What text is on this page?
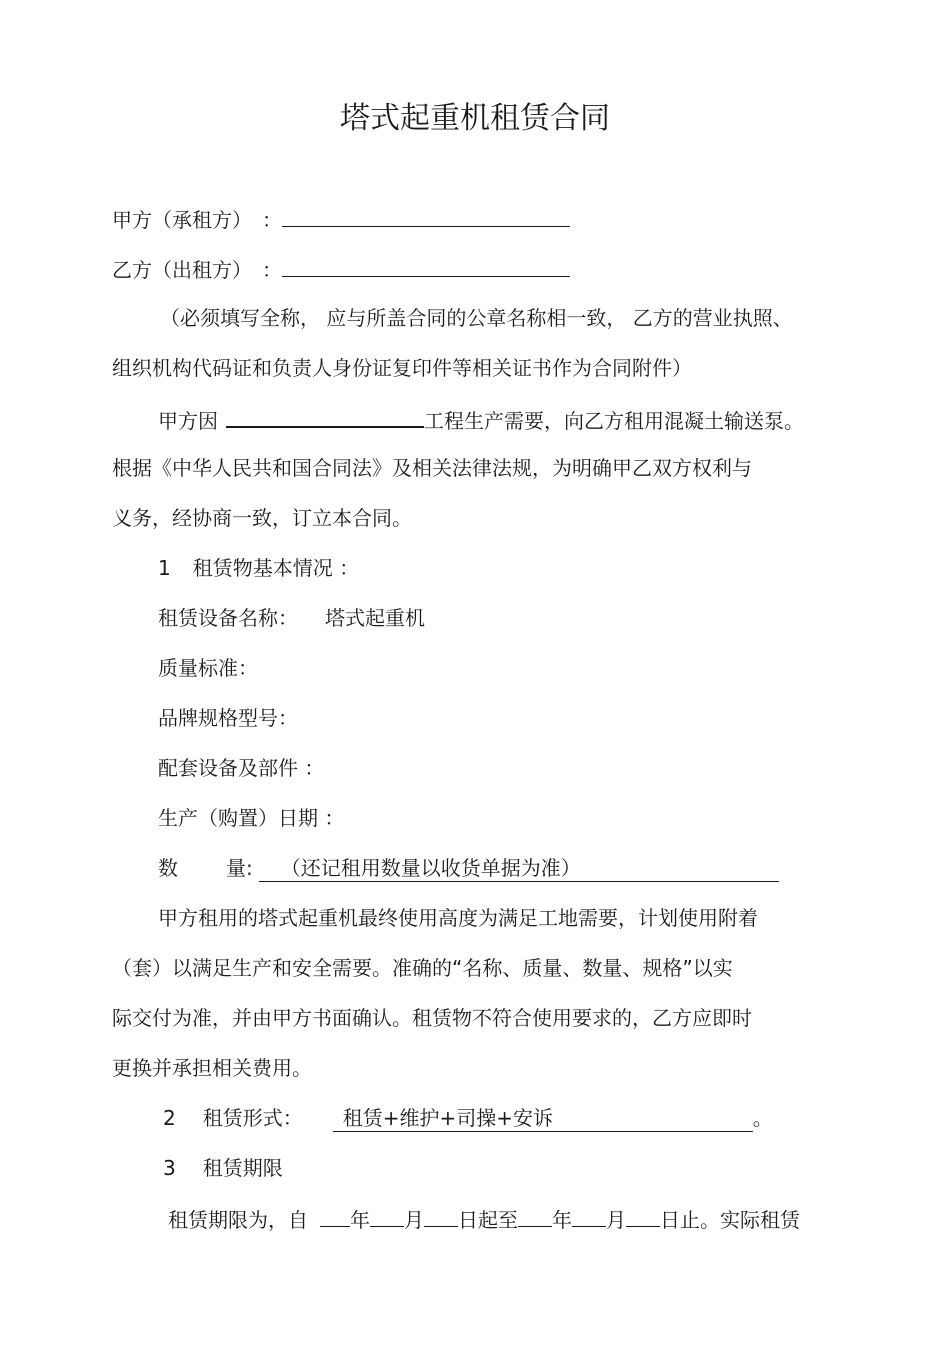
塔式起重机租赁合同
甲方（承租方）　：
乙方（出租方）　：
（必须填写全称， 应与所盖合同的公章名称相一致， 乙方的营业执照、
组织机构代码证和负责人身份证复印件等相关证书作为合同附件）
甲方因	工程生产需要，向乙方租用混凝土输送泵。
根据《中华人民共和国合同法》及相关法律法规，为明确甲乙双方权利与
义务，经协商一致，订立本合同。
1 租赁物基本情况 ：
租赁设备名称： 塔式起重机
质量标准：
品牌规格型号：
配套设备及部件 ：
生产（购置）日期 ：
数 量: （还记租用数量以收货单据为准）
甲方租用的塔式起重机最终使用高度为满足工地需要，计划使用附着
（套）以满足生产和安全需要。准确的“名称、质量、数量、规格”以实
际交付为准，并由甲方书面确认。租赁物不符合使用要求的，乙方应即时
更换并承担相关费用。
2 租赁形式： 租赁+维护+司操+安诉	。
3 租赁期限
租赁期限为，自 年 月 日起至 年 月 日止。实际租赁
